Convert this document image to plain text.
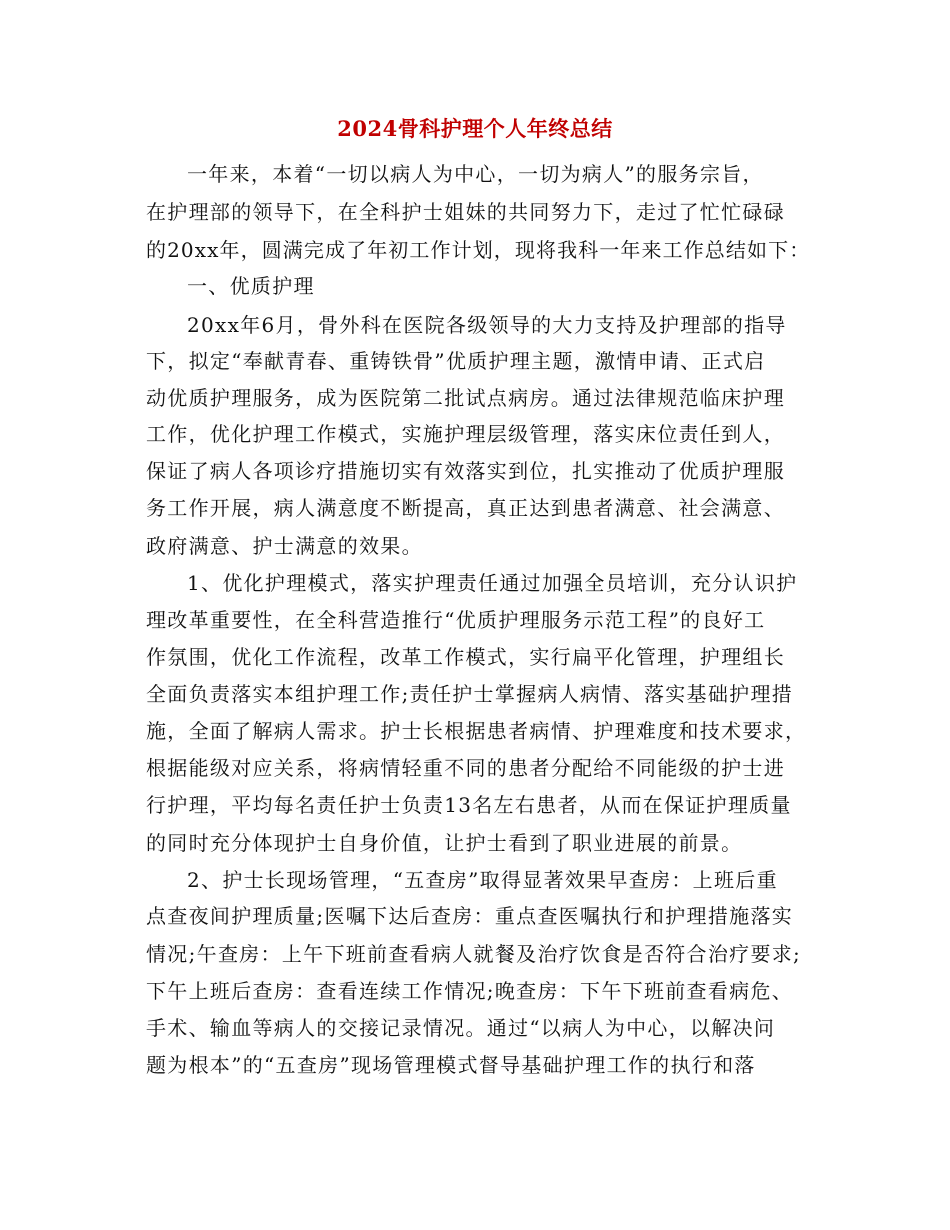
2024骨科护理个人年终总结
一年来，本着“一切以病人为中心，一切为病人”的服务宗旨，
在护理部的领导下，在全科护士姐妹的共同努力下，走过了忙忙碌碌
的20xx年，圆满完成了年初工作计划，现将我科一年来工作总结如下：
一、优质护理
20xx年6月，骨外科在医院各级领导的大力支持及护理部的指导
下，拟定“奉献青春、重铸铁骨”优质护理主题，激情申请、正式启
动优质护理服务，成为医院第二批试点病房。通过法律规范临床护理
工作，优化护理工作模式，实施护理层级管理，落实床位责任到人，
保证了病人各项诊疗措施切实有效落实到位，扎实推动了优质护理服
务工作开展，病人满意度不断提高，真正达到患者满意、社会满意、
政府满意、护士满意的效果。
1、优化护理模式，落实护理责任通过加强全员培训，充分认识护
理改革重要性，在全科营造推行“优质护理服务示范工程”的良好工
作氛围，优化工作流程，改革工作模式，实行扁平化管理，护理组长
全面负责落实本组护理工作;责任护士掌握病人病情、落实基础护理措
施，全面了解病人需求。护士长根据患者病情、护理难度和技术要求，
根据能级对应关系，将病情轻重不同的患者分配给不同能级的护士进
行护理，平均每名责任护士负责13名左右患者，从而在保证护理质量
的同时充分体现护士自身价值，让护士看到了职业进展的前景。
2、护士长现场管理，“五查房”取得显著效果早查房：上班后重
点查夜间护理质量;医嘱下达后查房：重点查医嘱执行和护理措施落实
情况;午查房：上午下班前查看病人就餐及治疗饮食是否符合治疗要求;
下午上班后查房：查看连续工作情况;晚查房：下午下班前查看病危、
手术、输血等病人的交接记录情况。通过“以病人为中心，以解决问
题为根本”的“五查房”现场管理模式督导基础护理工作的执行和落
